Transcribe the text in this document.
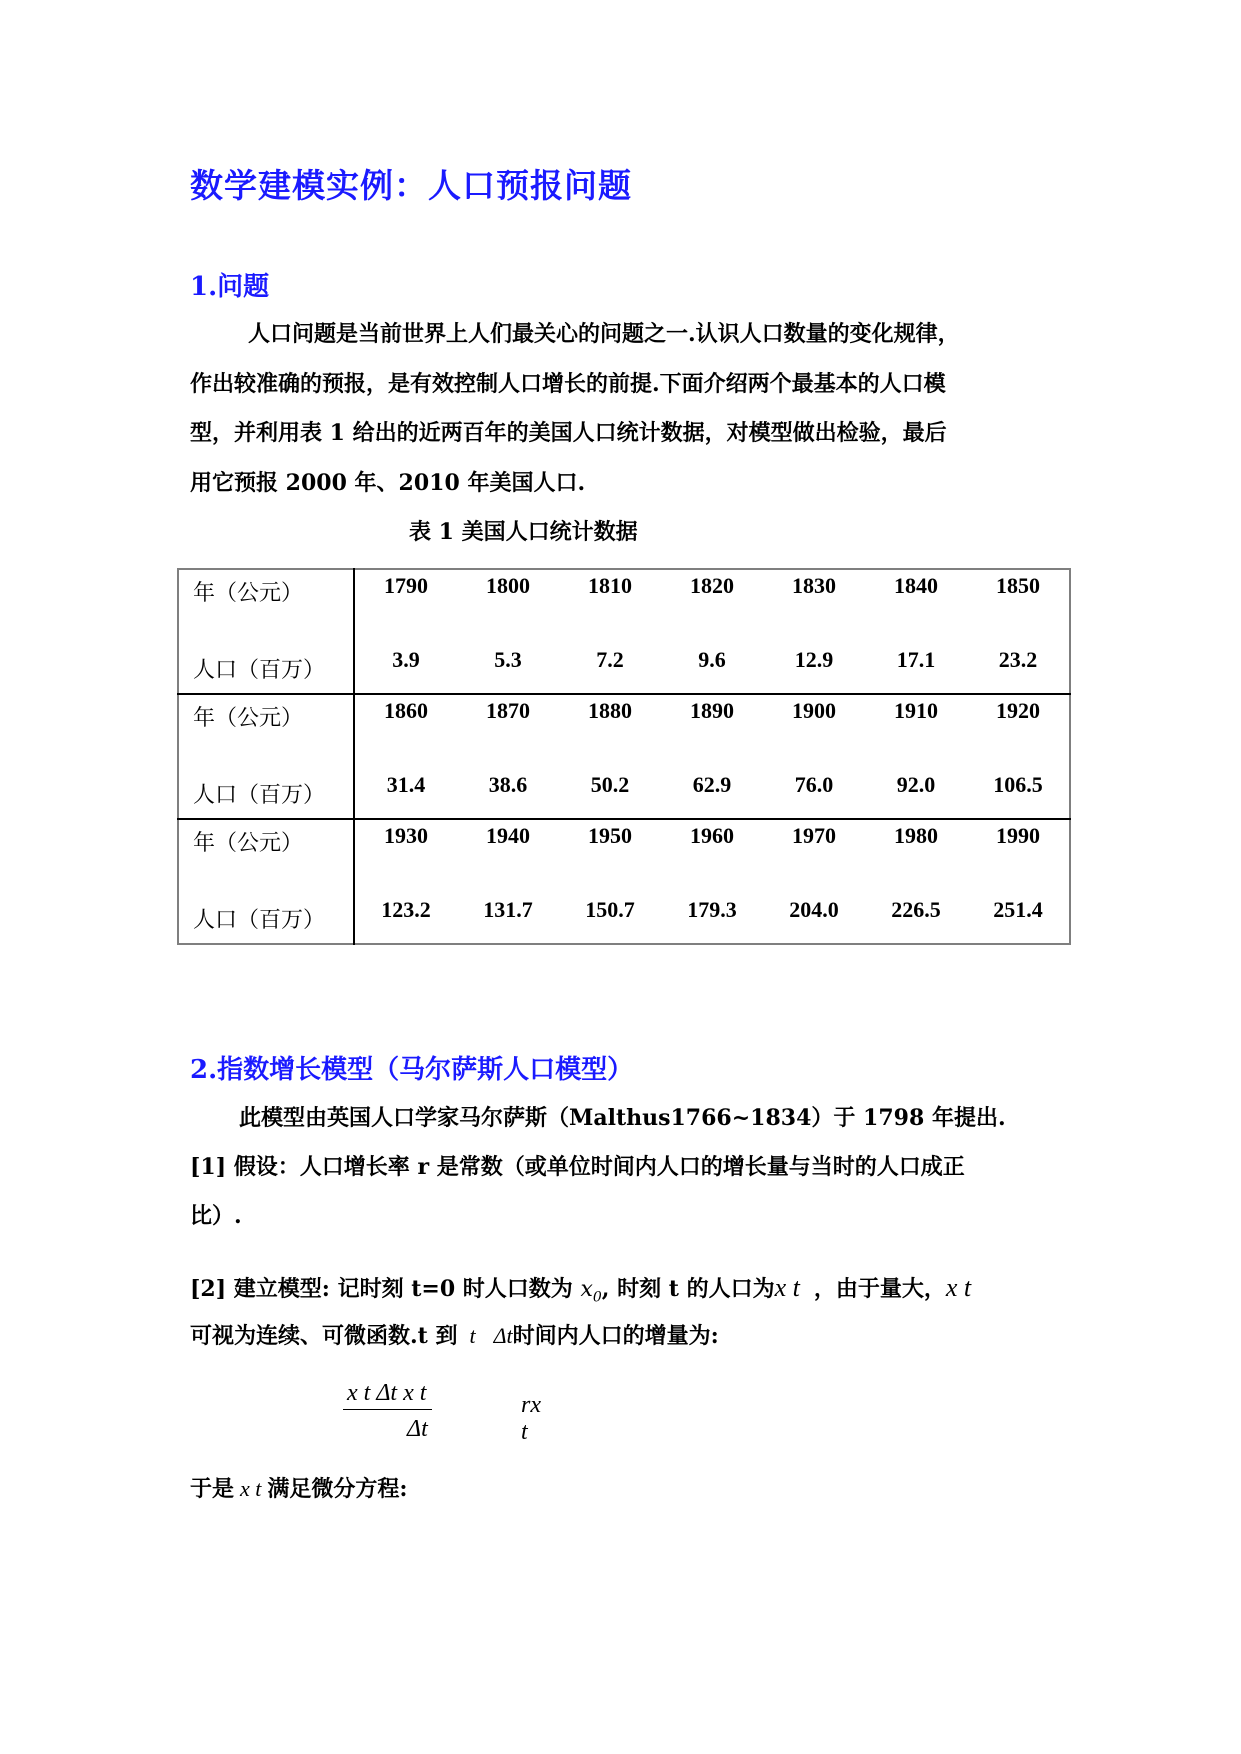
数学建模实例：人口预报问题
1.问题
人口问题是当前世界上人们最关心的问题之一.认识人口数量的变化规律，
作出较准确的预报，是有效控制人口增长的前提.下面介绍两个最基本的人口模
型，并利用表 1 给出的近两百年的美国人口统计数据，对模型做出检验，最后
用它预报 2000 年、2010 年美国人口.
表 1 美国人口统计数据
年（公元）	1790	1800	1810	1820	1830	1840	1850

人口（百万）	3.9	5.3	7.2	9.6	12.9	17.1	23.2
年（公元）	1860	1870	1880	1890	1900	1910	1920

人口（百万）	31.4	38.6	50.2	62.9	76.0	92.0	106.5
年（公元）	1930	1940	1950	1960	1970	1980	1990

人口（百万）	123.2	131.7	150.7	179.3	204.0	226.5	251.4
2.指数增长模型（马尔萨斯人口模型）
此模型由英国人口学家马尔萨斯（Malthus1766~1834）于 1798 年提出.
[1] 假设：人口增长率 r 是常数（或单位时间内人口的增长量与当时的人口成正
比）.
[2] 建立模型: 记时刻 t=0 时人口数为 $x_0$, 时刻 t 的人口为x t ，由于量大，x t
可视为连续、可微函数.t 到 t Δt时间内人口的增量为:
x t Δt x t	rx t
Δt
于是 x t 满足微分方程:
